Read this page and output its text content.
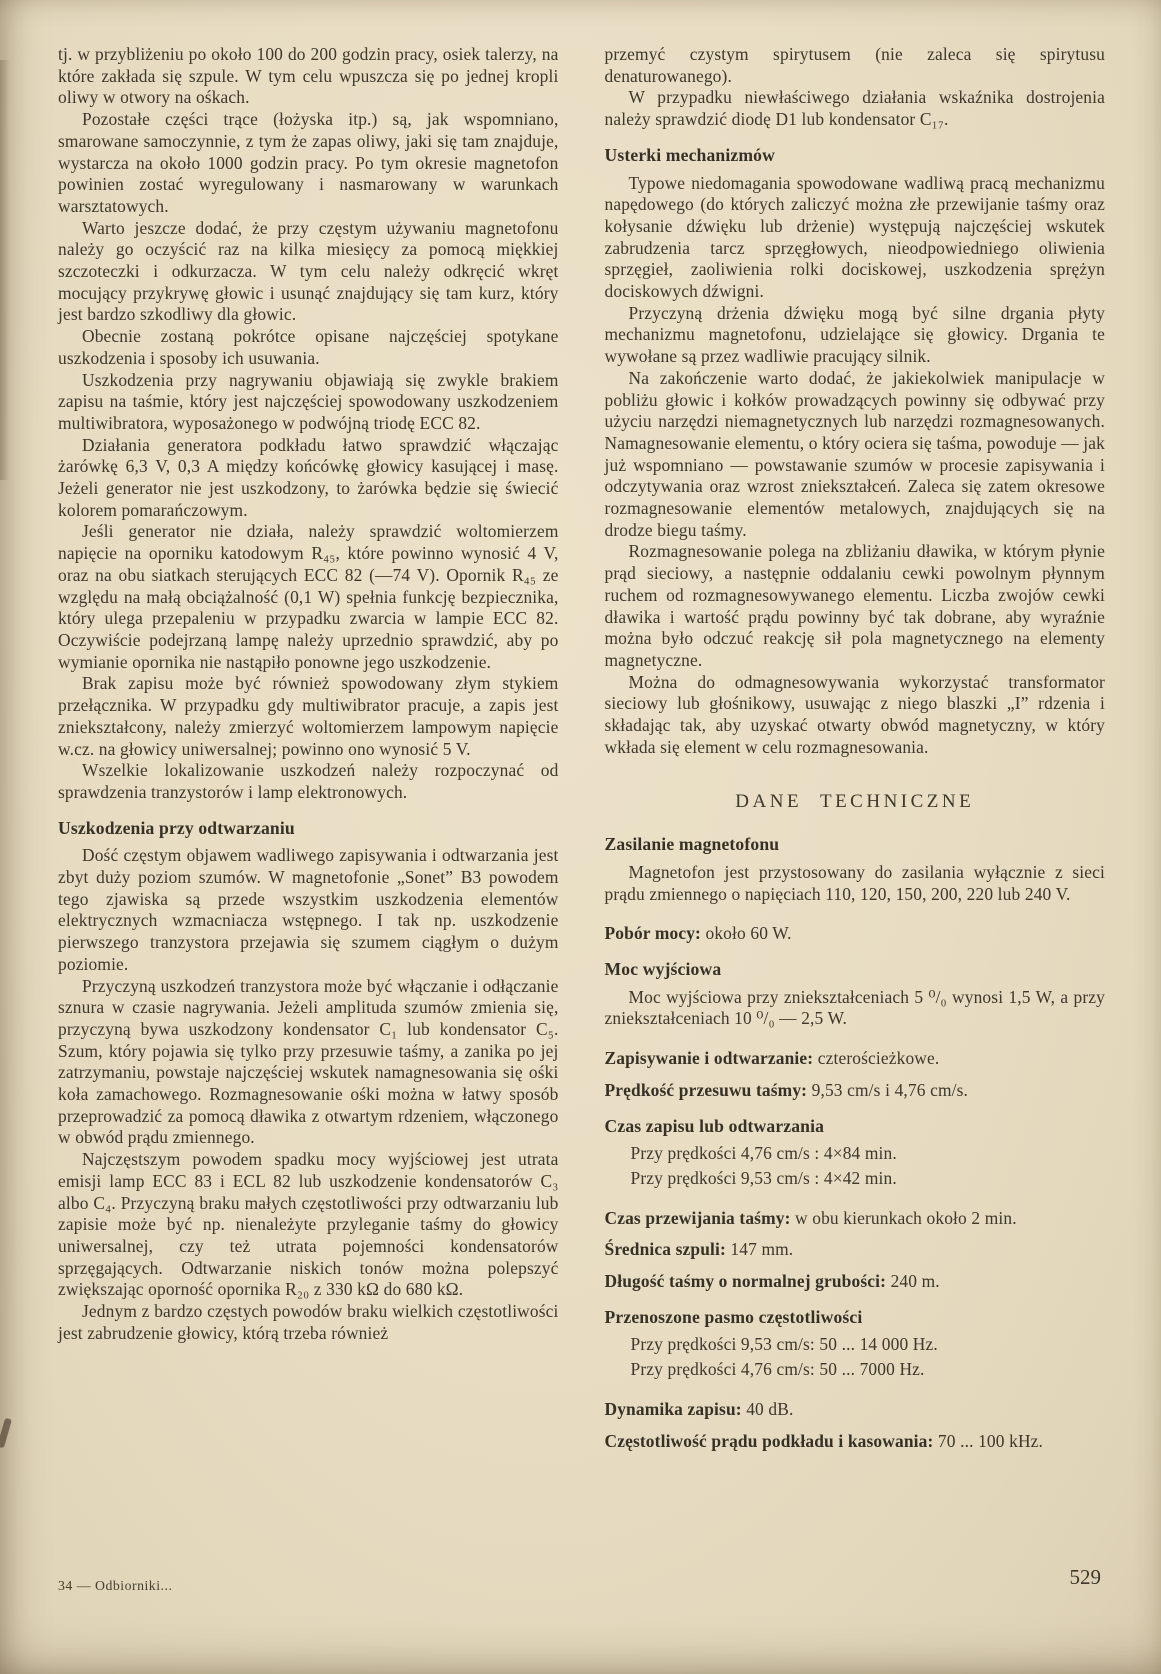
tj. w przybliżeniu po około 100 do 200 godzin pracy, osiek talerzy, na które zakłada się szpule. W tym celu wpuszcza się po jednej kropli oliwy w otwory na ośkach.

Pozostałe części trące (łożyska itp.) są, jak wspomniano, smarowane samoczynnie, z tym że zapas oliwy, jaki się tam znajduje, wystarcza na około 1000 godzin pracy. Po tym okresie magnetofon powinien zostać wyregulowany i nasmarowany w warunkach warsztatowych.

Warto jeszcze dodać, że przy częstym używaniu magnetofonu należy go oczyścić raz na kilka miesięcy za pomocą miękkiej szczoteczki i odkurzacza. W tym celu należy odkręcić wkręt mocujący przykrywę głowic i usunąć znajdujący się tam kurz, który jest bardzo szkodliwy dla głowic.

Obecnie zostaną pokrótce opisane najczęściej spotykane uszkodzenia i sposoby ich usuwania.

Uszkodzenia przy nagrywaniu objawiają się zwykle brakiem zapisu na taśmie, który jest najczęściej spowodowany uszkodzeniem multiwibratora, wyposażonego w podwójną triodę ECC 82.

Działania generatora podkładu łatwo sprawdzić włączając żarówkę 6,3 V, 0,3 A między końcówkę głowicy kasującej i masę. Jeżeli generator nie jest uszkodzony, to żarówka będzie się świecić kolorem pomarańczowym.

Jeśli generator nie działa, należy sprawdzić woltomierzem napięcie na oporniku katodowym R₄₅, które powinno wynosić 4 V, oraz na obu siatkach sterujących ECC 82 (—74 V). Opornik R₄₅ ze względu na małą obciążalność (0,1 W) spełnia funkcję bezpiecznika, który ulega przepaleniu w przypadku zwarcia w lampie ECC 82. Oczywiście podejrzaną lampę należy uprzednio sprawdzić, aby po wymianie opornika nie nastąpiło ponowne jego uszkodzenie.

Brak zapisu może być również spowodowany złym stykiem przełącznika. W przypadku gdy multiwibrator pracuje, a zapis jest zniekształcony, należy zmierzyć woltomierzem lampowym napięcie w.cz. na głowicy uniwersalnej; powinno ono wynosić 5 V.

Wszelkie lokalizowanie uszkodzeń należy rozpoczynać od sprawdzenia tranzystorów i lamp elektronowych.

Uszkodzenia przy odtwarzaniu

Dość częstym objawem wadliwego zapisywania i odtwarzania jest zbyt duży poziom szumów. W magnetofonie „Sonet” B3 powodem tego zjawiska są przede wszystkim uszkodzenia elementów elektrycznych wzmacniacza wstępnego. I tak np. uszkodzenie pierwszego tranzystora przejawia się szumem ciągłym o dużym poziomie.

Przyczyną uszkodzeń tranzystora może być włączanie i odłączanie sznura w czasie nagrywania. Jeżeli amplituda szumów zmienia się, przyczyną bywa uszkodzony kondensator C₁ lub kondensator C₅. Szum, który pojawia się tylko przy przesuwie taśmy, a zanika po jej zatrzymaniu, powstaje najczęściej wskutek namagnesowania się ośki koła zamachowego. Rozmagnesowanie ośki można w łatwy sposób przeprowadzić za pomocą dławika z otwartym rdzeniem, włączonego w obwód prądu zmiennego.

Najczęstszym powodem spadku mocy wyjściowej jest utrata emisji lamp ECC 83 i ECL 82 lub uszkodzenie kondensatorów C₃ albo C₄. Przyczyną braku małych częstotliwości przy odtwarzaniu lub zapisie może być np. nienależyte przyleganie taśmy do głowicy uniwersalnej, czy też utrata pojemności kondensatorów sprzęgających. Odtwarzanie niskich tonów można polepszyć zwiększając oporność opornika R₂₀ z 330 kΩ do 680 kΩ.

Jednym z bardzo częstych powodów braku wielkich częstotliwości jest zabrudzenie głowicy, którą trzeba również

przemyć czystym spirytusem (nie zaleca się spirytusu denaturowanego).

W przypadku niewłaściwego działania wskaźnika dostrojenia należy sprawdzić diodę D1 lub kondensator C₁₇.

Usterki mechanizmów

Typowe niedomagania spowodowane wadliwą pracą mechanizmu napędowego (do których zaliczyć można złe przewijanie taśmy oraz kołysanie dźwięku lub drżenie) występują najczęściej wskutek zabrudzenia tarcz sprzęgłowych, nieodpowiedniego oliwienia sprzęgieł, zaoliwienia rolki dociskowej, uszkodzenia sprężyn dociskowych dźwigni.

Przyczyną drżenia dźwięku mogą być silne drgania płyty mechanizmu magnetofonu, udzielające się głowicy. Drgania te wywołane są przez wadliwie pracujący silnik.

Na zakończenie warto dodać, że jakiekolwiek manipulacje w pobliżu głowic i kołków prowadzących powinny się odbywać przy użyciu narzędzi niemagnetycznych lub narzędzi rozmagnesowanych. Namagnesowanie elementu, o który ociera się taśma, powoduje — jak już wspomniano — powstawanie szumów w procesie zapisywania i odczytywania oraz wzrost zniekształceń. Zaleca się zatem okresowe rozmagnesowanie elementów metalowych, znajdujących się na drodze biegu taśmy.

Rozmagnesowanie polega na zbliżaniu dławika, w którym płynie prąd sieciowy, a następnie oddalaniu cewki powolnym płynnym ruchem od rozmagnesowywanego elementu. Liczba zwojów cewki dławika i wartość prądu powinny być tak dobrane, aby wyraźnie można było odczuć reakcję sił pola magnetycznego na elementy magnetyczne.

Można do odmagnesowywania wykorzystać transformator sieciowy lub głośnikowy, usuwając z niego blaszki „I” rdzenia i składając tak, aby uzyskać otwarty obwód magnetyczny, w który wkłada się element w celu rozmagnesowania.

DANE TECHNICZNE
Zasilanie magnetofonu

Magnetofon jest przystosowany do zasilania wyłącznie z sieci prądu zmiennego o napięciach 110, 120, 150, 200, 220 lub 240 V.

Pobór mocy: około 60 W.

Moc wyjściowa

Moc wyjściowa przy zniekształceniach 5 ⁰/₀ wynosi 1,5 W, a przy zniekształceniach 10 ⁰/₀ — 2,5 W.

Zapisywanie i odtwarzanie: czterościeżkowe.

Prędkość przesuwu taśmy: 9,53 cm/s i 4,76 cm/s.

Czas zapisu lub odtwarzania

Przy prędkości 4,76 cm/s : 4×84 min.

Przy prędkości 9,53 cm/s : 4×42 min.

Czas przewijania taśmy: w obu kierunkach około 2 min.

Średnica szpuli: 147 mm.

Długość taśmy o normalnej grubości: 240 m.

Przenoszone pasmo częstotliwości

Przy prędkości 9,53 cm/s: 50 ... 14 000 Hz.

Przy prędkości 4,76 cm/s: 50 ... 7000 Hz.

Dynamika zapisu: 40 dB.

Częstotliwość prądu podkładu i kasowania: 70 ... 100 kHz.

34 — Odbiorniki...	529
